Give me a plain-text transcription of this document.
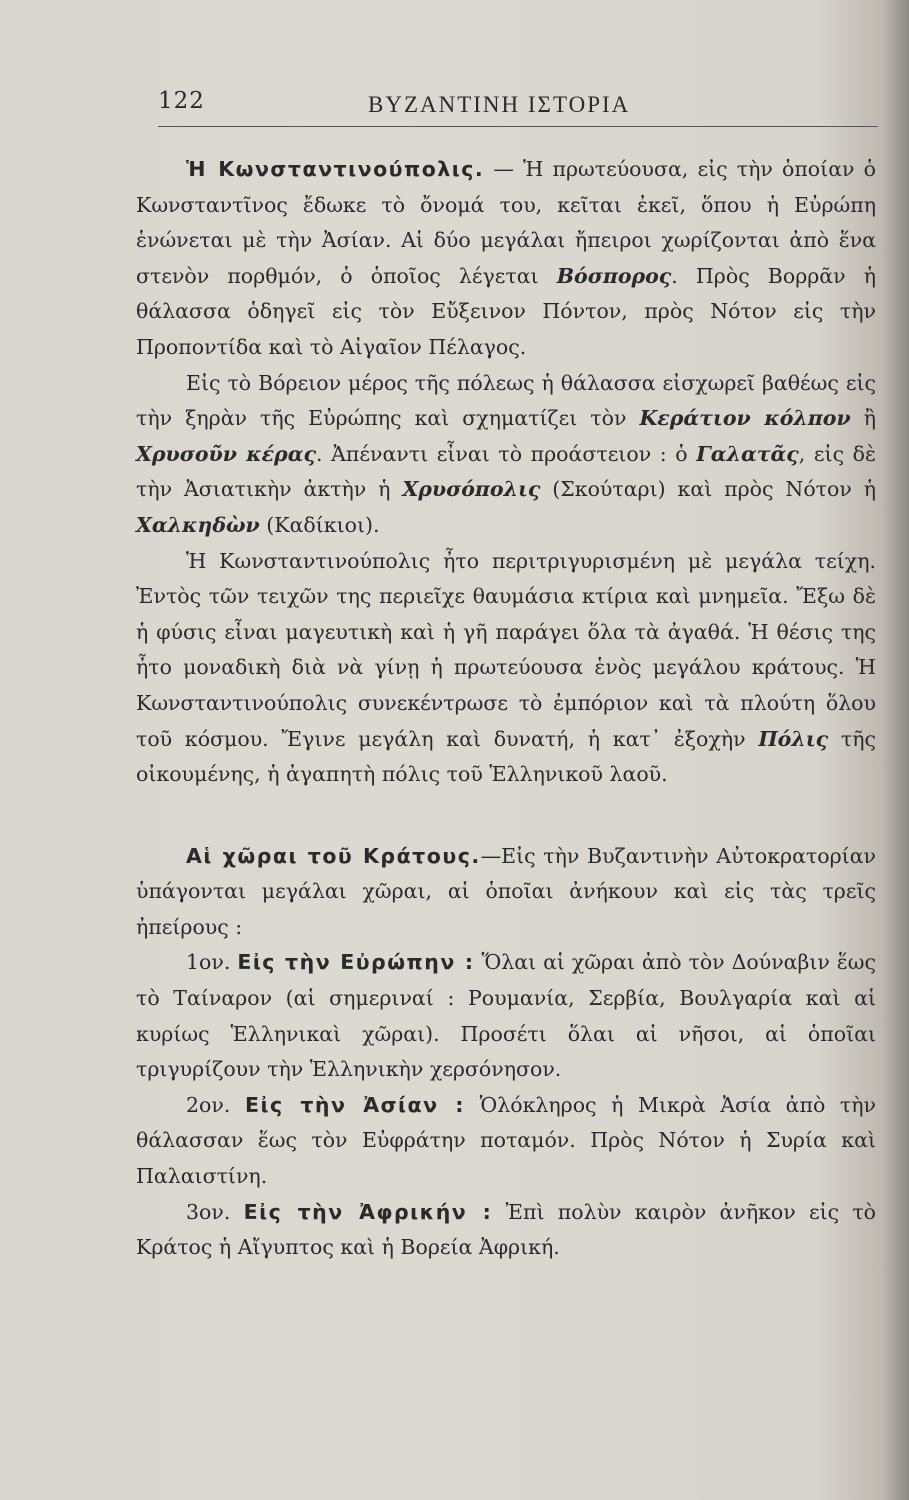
122	ΒΥΖΑΝΤΙΝΗ ΙΣΤΟΡΙΑ

Ἡ Κωνσταντινούπολις. — Ἡ πρωτεύουσα, εἰς τὴν ὁποίαν ὁ Κωνσταντῖνος ἔδωκε τὸ ὄνομά του, κεῖται ἐκεῖ, ὅπου ἡ Εὐρώπη ἑνώνεται μὲ τὴν Ἀσίαν. Αἱ δύο μεγάλαι ἤπειροι χωρίζονται ἀπὸ ἕνα στενὸν πορθμόν, ὁ ὁποῖος λέγεται Βόσπορος. Πρὸς Βορρᾶν ἡ θάλασσα ὁδηγεῖ εἰς τὸν Εὔξεινον Πόντον, πρὸς Νότον εἰς τὴν Προποντίδα καὶ τὸ Αἰγαῖον Πέλαγος.

Εἰς τὸ Βόρειον μέρος τῆς πόλεως ἡ θάλασσα εἰσχωρεῖ βαθέως εἰς τὴν ξηρὰν τῆς Εὐρώπης καὶ σχηματίζει τὸν Κεράτιον κόλπον ἢ Χρυσοῦν κέρας. Ἀπέναντι εἶναι τὸ προάστειον : ὁ Γαλατᾶς, εἰς δὲ τὴν Ἀσιατικὴν ἀκτὴν ἡ Χρυσόπολις (Σκούταρι) καὶ πρὸς Νότον ἡ Χαλκηδὼν (Καδίκιοι).

Ἡ Κωνσταντινούπολις ἦτο περιτριγυρισμένη μὲ μεγάλα τείχη. Ἐντὸς τῶν τειχῶν της περιεῖχε θαυμάσια κτίρια καὶ μνημεῖα. Ἔξω δὲ ἡ φύσις εἶναι μαγευτικὴ καὶ ἡ γῆ παράγει ὅλα τὰ ἀγαθά. Ἡ θέσις της ἦτο μοναδικὴ διὰ νὰ γίνῃ ἡ πρωτεύουσα ἑνὸς μεγάλου κράτους. Ἡ Κωνσταντινούπολις συνεκέντρωσε τὸ ἐμπόριον καὶ τὰ πλούτη ὅλου τοῦ κόσμου. Ἔγινε μεγάλη καὶ δυνατή, ἡ κατ᾽ ἐξοχὴν Πόλις τῆς οἰκουμένης, ἡ ἀγαπητὴ πόλις τοῦ Ἑλληνικοῦ λαοῦ.

Αἱ χῶραι τοῦ Κράτους.—Εἰς τὴν Βυζαντινὴν Αὐτοκρατορίαν ὑπάγονται μεγάλαι χῶραι, αἱ ὁποῖαι ἀνήκουν καὶ εἰς τὰς τρεῖς ἠπείρους :

1ον. Εἰς τὴν Εὐρώπην : Ὅλαι αἱ χῶραι ἀπὸ τὸν Δούναβιν ἕως τὸ Ταίναρον (αἱ σημεριναί : Ρουμανία, Σερβία, Βουλγαρία καὶ αἱ κυρίως Ἑλληνικαὶ χῶραι). Προσέτι ὅλαι αἱ νῆσοι, αἱ ὁποῖαι τριγυρίζουν τὴν Ἑλληνικὴν χερσόνησον.

2ον. Εἰς τὴν Ἀσίαν : Ὁλόκληρος ἡ Μικρὰ Ἀσία ἀπὸ τὴν θάλασσαν ἕως τὸν Εὐφράτην ποταμόν. Πρὸς Νότον ἡ Συρία καὶ Παλαιστίνη.

3ον. Εἰς τὴν Ἀφρικήν : Ἐπὶ πολὺν καιρὸν ἀνῆκον εἰς τὸ Κράτος ἡ Αἴγυπτος καὶ ἡ Βορεία Ἀφρική.
